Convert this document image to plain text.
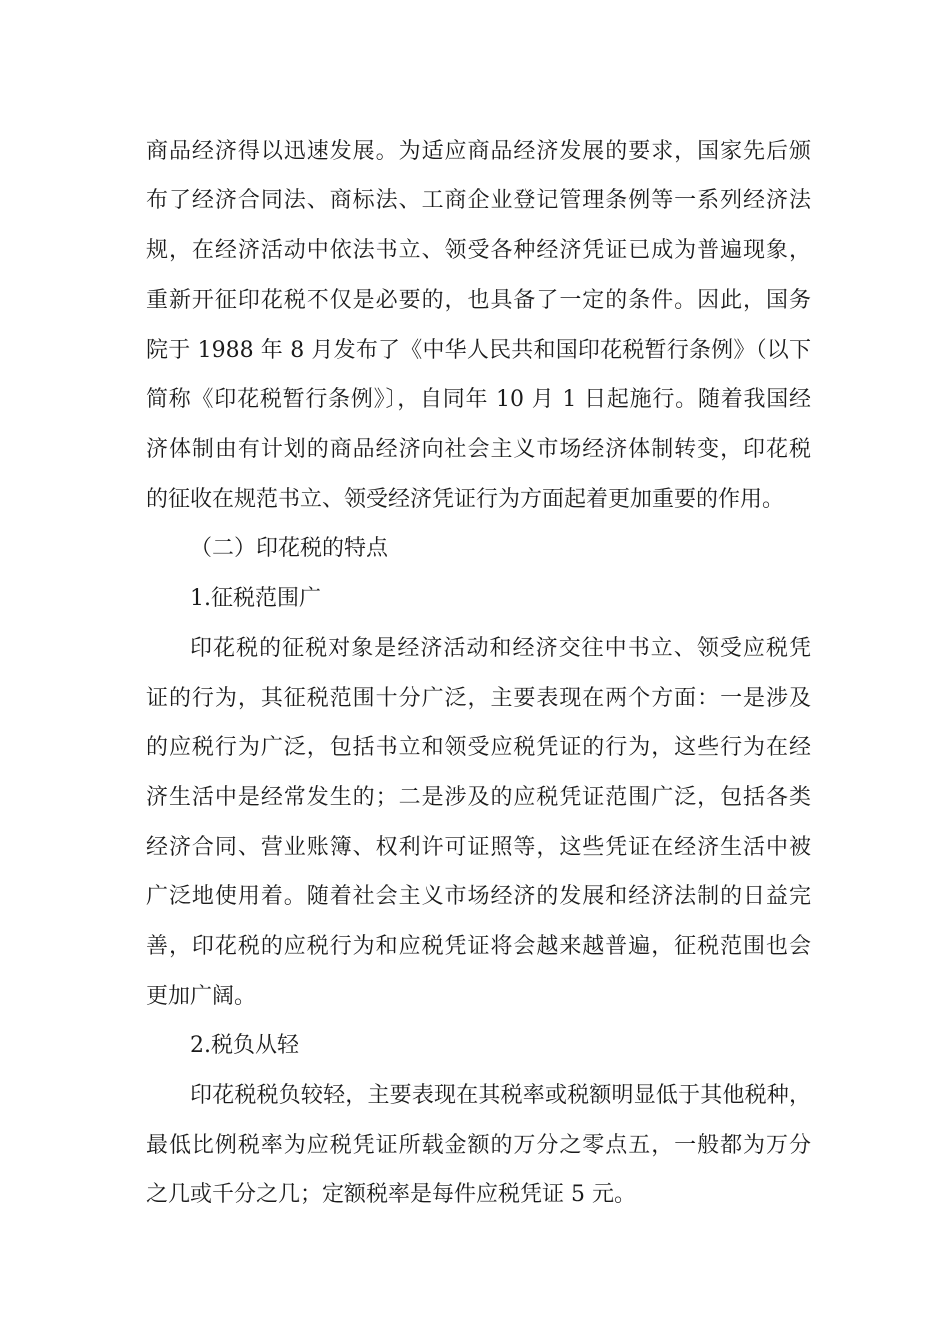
商品经济得以迅速发展。为适应商品经济发展的要求，国家先后颁
布了经济合同法、商标法、工商企业登记管理条例等一系列经济法
规，在经济活动中依法书立、领受各种经济凭证已成为普遍现象，
重新开征印花税不仅是必要的，也具备了一定的条件。因此，国务
院于 1988 年 8 月发布了《中华人民共和国印花税暂行条例》（以下
简称《印花税暂行条例》〕，自同年 10 月 1 日起施行。随着我国经
济体制由有计划的商品经济向社会主义市场经济体制转变，印花税
的征收在规范书立、领受经济凭证行为方面起着更加重要的作用。
（二）印花税的特点
1.征税范围广
印花税的征税对象是经济活动和经济交往中书立、领受应税凭
证的行为，其征税范围十分广泛，主要表现在两个方面：一是涉及
的应税行为广泛，包括书立和领受应税凭证的行为，这些行为在经
济生活中是经常发生的；二是涉及的应税凭证范围广泛，包括各类
经济合同、营业账簿、权利许可证照等，这些凭证在经济生活中被
广泛地使用着。随着社会主义市场经济的发展和经济法制的日益完
善，印花税的应税行为和应税凭证将会越来越普遍，征税范围也会
更加广阔。
2.税负从轻
印花税税负较轻，主要表现在其税率或税额明显低于其他税种，
最低比例税率为应税凭证所载金额的万分之零点五，一般都为万分
之几或千分之几；定额税率是每件应税凭证 5 元。
